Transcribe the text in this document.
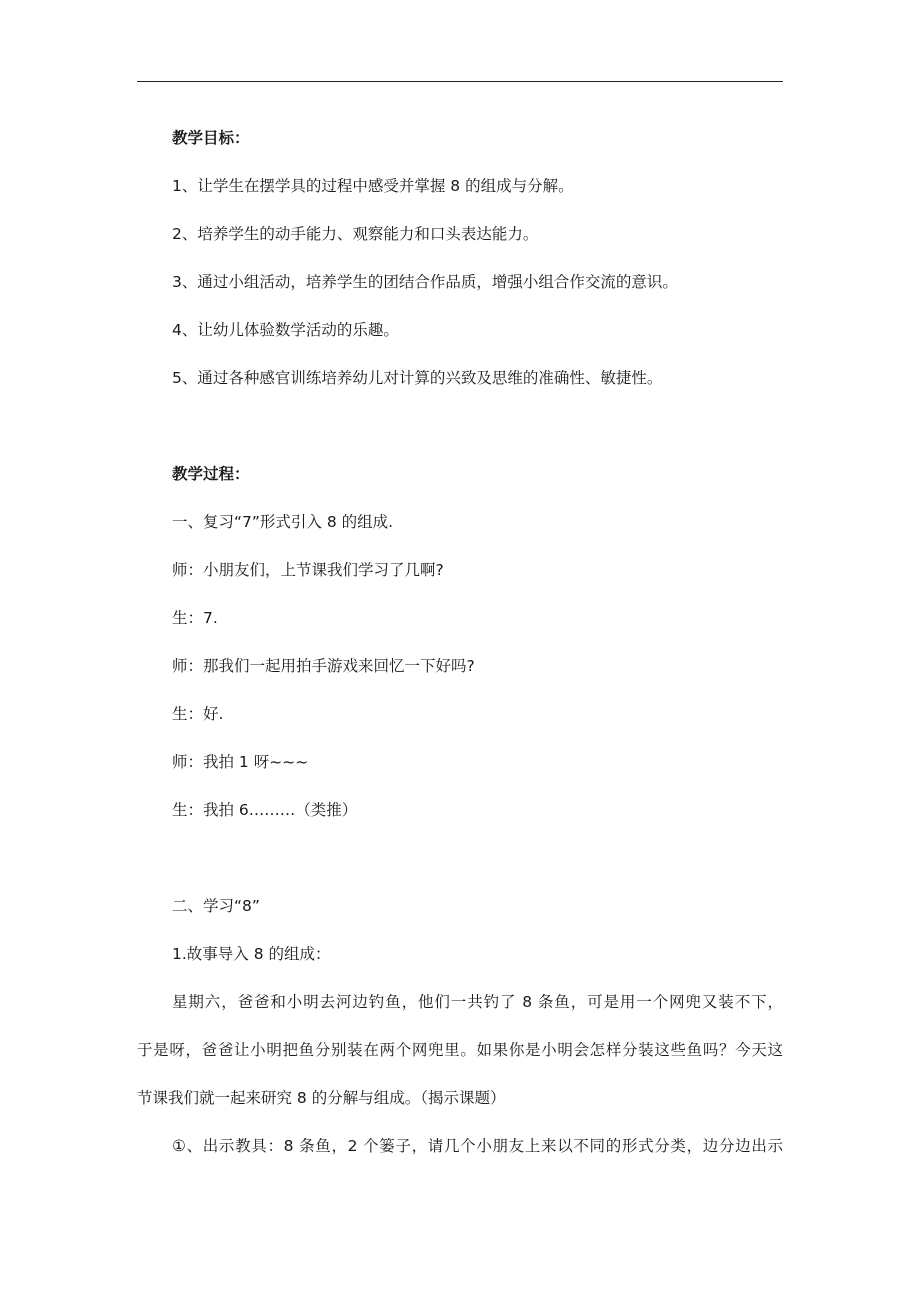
教学目标：

1、让学生在摆学具的过程中感受并掌握 8 的组成与分解。

2、培养学生的动手能力、观察能力和口头表达能力。

3、通过小组活动，培养学生的团结合作品质，增强小组合作交流的意识。

4、让幼儿体验数学活动的乐趣。

5、通过各种感官训练培养幼儿对计算的兴致及思维的准确性、敏捷性。

教学过程：

一、复习“7”形式引入 8 的组成.

师：小朋友们，上节课我们学习了几啊?

生：7.

师：那我们一起用拍手游戏来回忆一下好吗?

生：好.

师：我拍 1 呀~~~

生：我拍 6………（类推）

二、学习“8”

1.故事导入 8 的组成：

星期六，爸爸和小明去河边钓鱼，他们一共钓了 8 条鱼，可是用一个网兜又装不下，

于是呀，爸爸让小明把鱼分别装在两个网兜里。如果你是小明会怎样分装这些鱼吗？今天这

节课我们就一起来研究 8 的分解与组成。（揭示课题）

①、出示教具：8 条鱼，2 个篓子，请几个小朋友上来以不同的形式分类，边分边出示
